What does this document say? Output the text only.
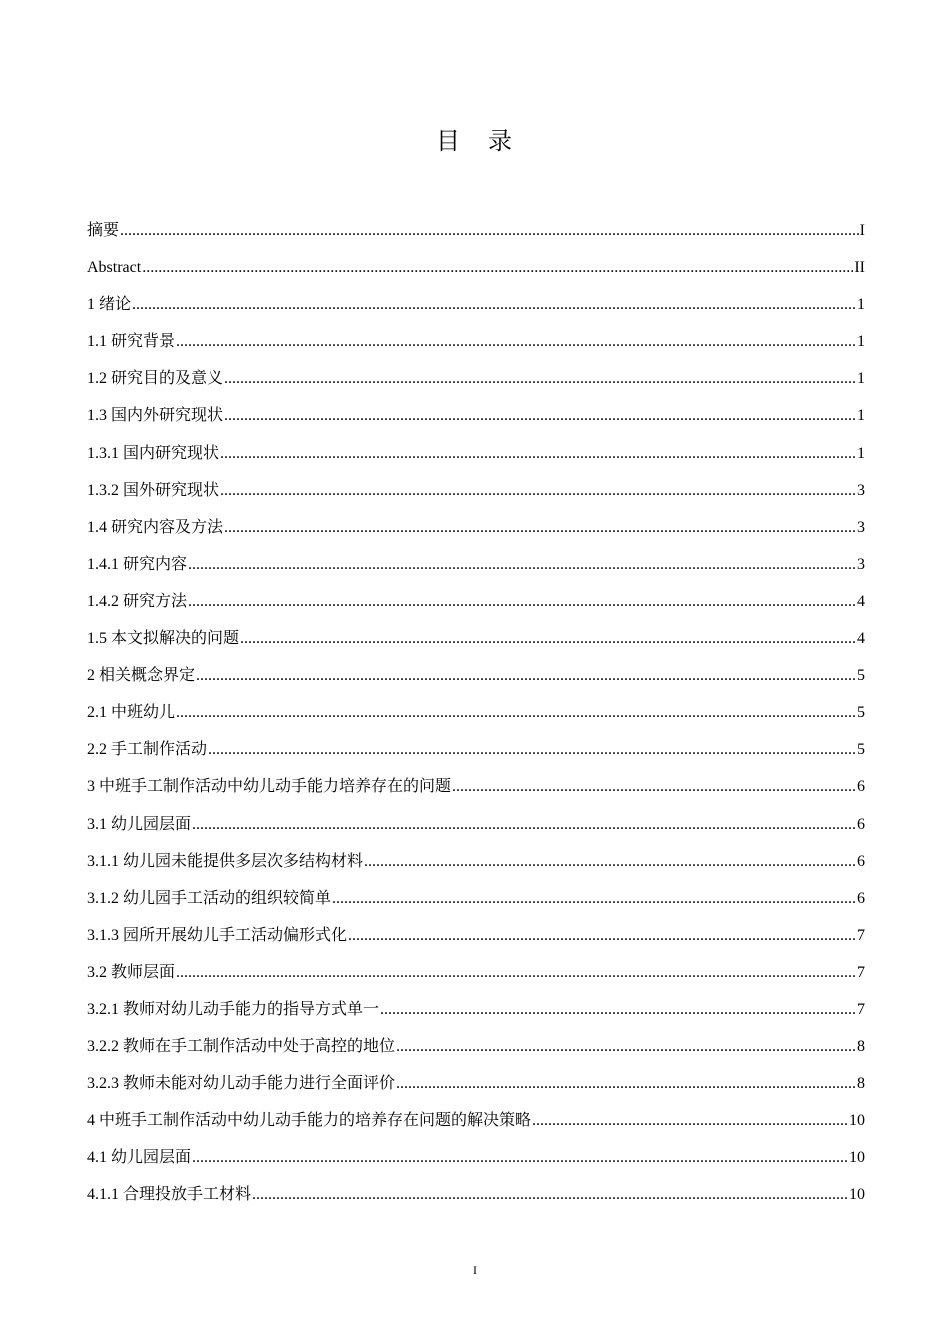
目　录
摘要 .....	I
Abstract .....	II
1 绪论 .....	1
1.1 研究背景 .....	1
1.2 研究目的及意义 .....	1
1.3 国内外研究现状 .....	1
1.3.1 国内研究现状 .....	1
1.3.2 国外研究现状 .....	3
1.4 研究内容及方法 .....	3
1.4.1 研究内容 .....	3
1.4.2 研究方法 .....	4
1.5 本文拟解决的问题 .....	4
2 相关概念界定 .....	5
2.1 中班幼儿 .....	5
2.2 手工制作活动 .....	5
3 中班手工制作活动中幼儿动手能力培养存在的问题 .....	6
3.1 幼儿园层面 .....	6
3.1.1 幼儿园未能提供多层次多结构材料 .....	6
3.1.2 幼儿园手工活动的组织较简单 .....	6
3.1.3 园所开展幼儿手工活动偏形式化 .....	7
3.2 教师层面 .....	7
3.2.1 教师对幼儿动手能力的指导方式单一 .....	7
3.2.2 教师在手工制作活动中处于高控的地位 .....	8
3.2.3 教师未能对幼儿动手能力进行全面评价 .....	8
4 中班手工制作活动中幼儿动手能力的培养存在问题的解决策略 .....	10
4.1 幼儿园层面 .....	10
4.1.1 合理投放手工材料 .....	10
I
